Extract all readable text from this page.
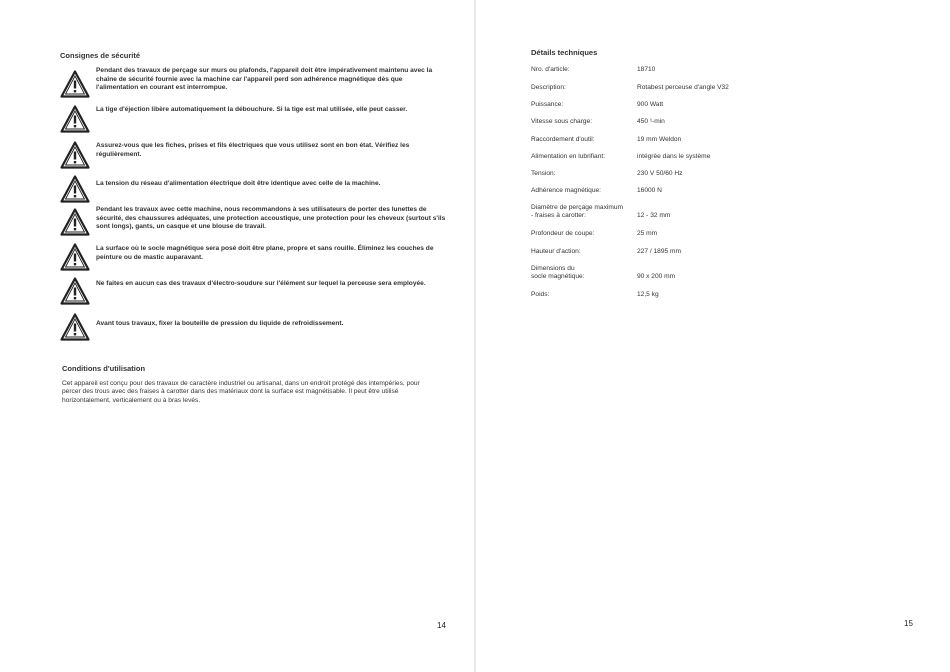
Consignes de sécurité
Pendant des travaux de perçage sur murs ou plafonds, l'appareil doit être impérativement maintenu avec la chaîne de sécurité fournie avec la machine car l'appareil perd son adhérence magnétique dès que l'alimentation en courant est interrompue.
La tige d'éjection libère automatiquement la débouchure. Si la tige est mal utilisée, elle peut casser.
Assurez-vous que les fiches, prises et fils électriques que vous utilisez sont en bon état. Vérifiez les régulièrement.
La tension du réseau d'alimentation électrique doit être identique avec celle de la machine.
Pendant les travaux avec cette machine, nous recommandons à ses utilisateurs de porter des lunettes de sécurité, des chaussures adéquates, une protection accoustique, une protection pour les cheveux (surtout s'ils sont longs), gants, un casque et une blouse de travail.
La surface où le socle magnétique sera posé doit être plane, propre et sans rouille. Éliminez les couches de peinture ou de mastic auparavant.
Ne faites en aucun cas des travaux d'électro-soudure sur l'élément sur lequel la perceuse sera employée.
Avant tous travaux, fixer la bouteille de pression du liquide de refroidissement.
Conditions d'utilisation
Cet appareil est conçu pour des travaux de caractère industriel ou artisanal, dans un endroit protégé des intempéries, pour percer des trous avec des fraises à carotter dans des matériaux dont la surface est magnétisable. Il peut être utilisé horizontalement, verticalement ou à bras levés.
14	15
Détails techniques
Nro. d'article:	18710
Description:	Rotabest perceuse d'angle V32
Puissance:	900 Watt
Vitesse sous charge:	450 ¹-min
Raccordement d'outil:	19 mm Weldon
Alimentation en lubrifiant:	intégrée dans le système
Tension:	230 V 50/60 Hz
Adhérence magnétique:	16000 N
Diamètre de perçage maximum
- fraises à carotter:	12 - 32 mm
Profondeur de coupe:	25 mm
Hauteur d'action:	227 / 1895 mm
Dimensions du
socle magnétique:	90 x 200 mm
Poids:	12,5 kg
